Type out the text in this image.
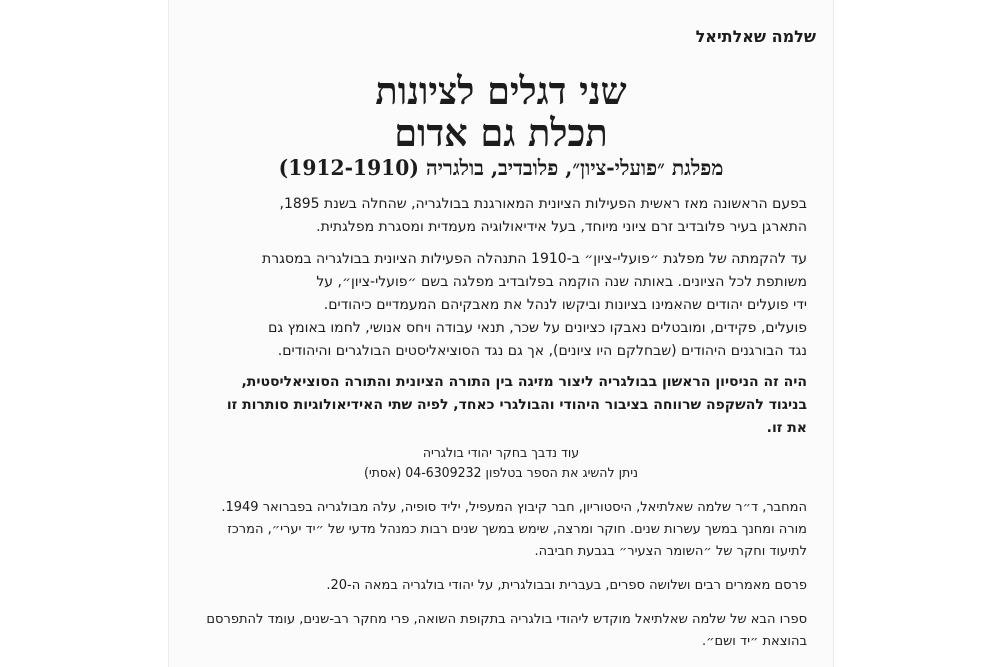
שלמה שאלתיאל
שני דגלים לציונות
תכלת גם אדום
מפלגת ״פועלי-ציון״, פלובדיב, בולגריה (1912-1910)
בפעם הראשונה מאז ראשית הפעילות הציונית המאורגנת בבולגריה, שהחלה בשנת 1895,
התארגן בעיר פלובדיב זרם ציוני מיוחד, בעל אידיאולוגיה מעמדית ומסגרת מפלגתית.
עד להקמתה של מפלגת ״פועלי-ציון״ ב-1910 התנהלה הפעילות הציונית בבולגריה במסגרת
משותפת לכל הציונים. באותה שנה הוקמה בפלובדיב מפלגה בשם ״פועלי-ציון״, על
ידי פועלים יהודים שהאמינו בציונות וביקשו לנהל את מאבקיהם המעמדיים כיהודים.
פועלים, פקידים, ומובטלים נאבקו כציונים על שכר, תנאי עבודה ויחס אנושי, לחמו באומץ גם
נגד הבורגנים היהודים (שבחלקם היו ציונים), אך גם נגד הסוציאליסטים הבולגרים והיהודים.
היה זה הניסיון הראשון בבולגריה ליצור מזיגה בין התורה הציונית והתורה הסוציאליסטית,
בניגוד להשקפה שרווחה בציבור היהודי והבולגרי כאחד, לפיה שתי האידיאולוגיות סותרות זו
את זו.
עוד נדבך בחקר יהודי בולגריה
ניתן להשיג את הספר בטלפון 04-6309232 (אסתי)
המחבר, ד״ר שלמה שאלתיאל, היסטוריון, חבר קיבוץ המעפיל, יליד סופיה, עלה מבולגריה בפברואר 1949.
מורה ומחנך במשך עשרות שנים. חוקר ומרצה, שימש במשך שנים רבות כמנהל מדעי של ״יד יערי״, המרכז
לתיעוד וחקר של ״השומר הצעיר״ בגבעת חביבה.
פרסם מאמרים רבים ושלושה ספרים, בעברית ובבולגרית, על יהודי בולגריה במאה ה-20.
ספרו הבא של שלמה שאלתיאל מוקדש ליהודי בולגריה בתקופת השואה, פרי מחקר רב-שנים, עומד להתפרסם
בהוצאת ״יד ושם״.
